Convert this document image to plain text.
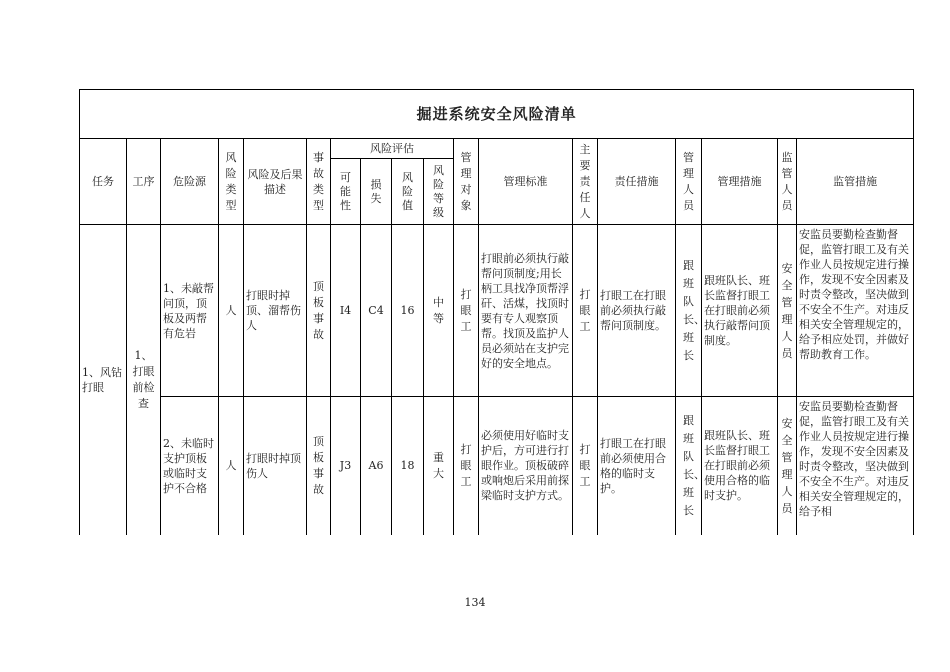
掘进系统安全风险清单																	
任务	工序	危险源	风险类型	风险及后果描述	事故类型	风险评估				管理对象	管理标准	主要责任人	责任措施	管理人员	管理措施	监管人员	监管措施
						可能性	损失	风险值	风险等级								
1、风钻打眼	1、打眼前检查	1、未敲帮问顶，顶板及两帮有危岩	人	打眼时掉顶、溜帮伤人	顶板事故	I4	C4	16	中等	打眼工	打眼前必须执行敲帮问顶制度;用长柄工具找净顶帮浮矸、活煤，找顶时要有专人观察顶帮。找顶及监护人员必须站在支护完好的安全地点。	打眼工	打眼工在打眼前必须执行敲帮问顶制度。	跟班队长、班长	跟班队长、班长监督打眼工在打眼前必须执行敲帮问顶制度。	安全管理人员	安监员要勤检查勤督促，监管打眼工及有关作业人员按规定进行操作，发现不安全因素及时责令整改，坚决做到不安全不生产。对违反相关安全管理规定的，给予相应处罚，并做好帮助教育工作。
		2、未临时支护顶板或临时支护不合格	人	打眼时掉顶伤人	顶板事故	J3	A6	18	重大	打眼工	必须使用好临时支护后，方可进行打眼作业。顶板破碎或响炮后采用前探梁临时支护方式。	打眼工	打眼工在打眼前必须使用合格的临时支护。	跟班队长、班长	跟班队长、班长监督打眼工在打眼前必须使用合格的临时支护。	安全管理人员	安监员要勤检查勤督促，监管打眼工及有关作业人员按规定进行操作，发现不安全因素及时责令整改，坚决做到不安全不生产。对违反相关安全管理规定的，给予相
134
